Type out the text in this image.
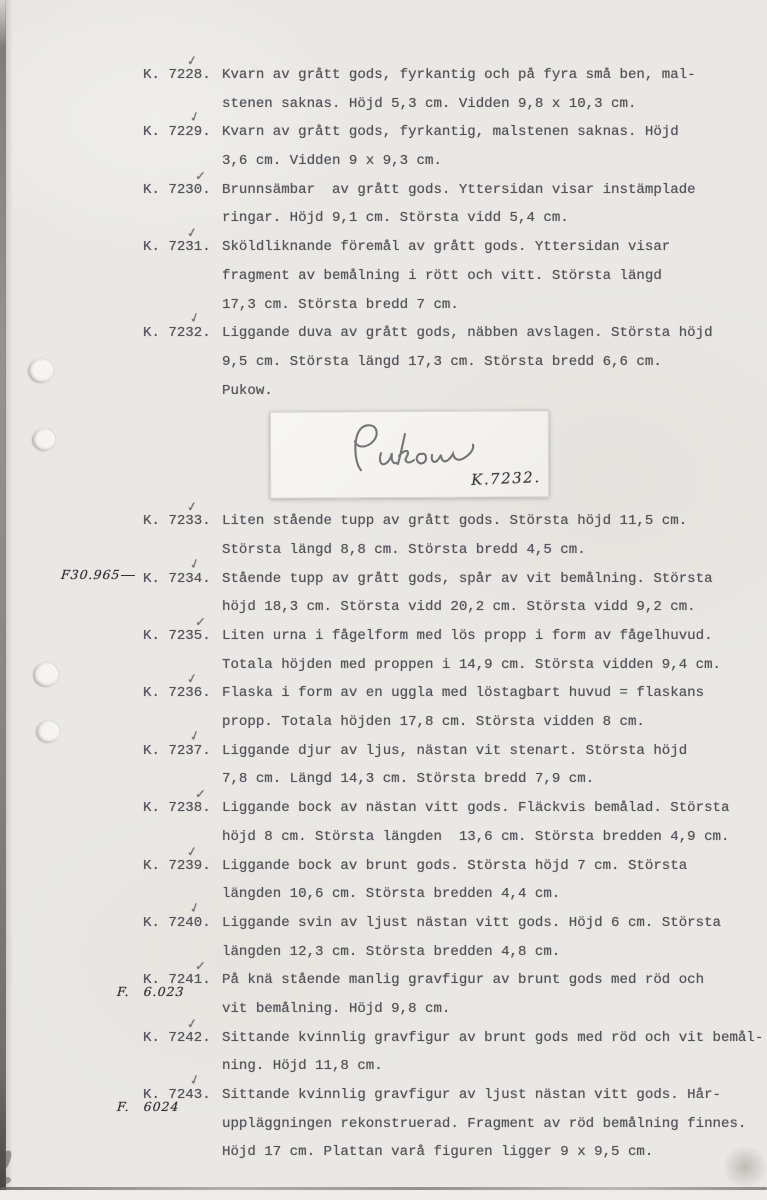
✓
K. 7228. Kvarn av grått gods, fyrkantig och på fyra små ben, mal-
stenen saknas. Höjd 5,3 cm. Vidden 9,8 x 10,3 cm.
✓
K. 7229. Kvarn av grått gods, fyrkantig, malstenen saknas. Höjd
3,6 cm. Vidden 9 x 9,3 cm.
✓
K. 7230. Brunnsämbar  av grått gods. Yttersidan visar instämplade
ringar. Höjd 9,1 cm. Största vidd 5,4 cm.
✓
K. 7231. Sköldliknande föremål av grått gods. Yttersidan visar
fragment av bemålning i rött och vitt. Största längd
17,3 cm. Största bredd 7 cm.
✓
K. 7232. Liggande duva av grått gods, näbben avslagen. Största höjd
9,5 cm. Största längd 17,3 cm. Största bredd 6,6 cm.
Pukow.
K.7232.
✓
K. 7233. Liten stående tupp av grått gods. Största höjd 11,5 cm.
Största längd 8,8 cm. Största bredd 4,5 cm.
✓
F30.965	K. 7234. Stående tupp av grått gods, spår av vit bemålning. Största
höjd 18,3 cm. Största vidd 20,2 cm. Största vidd 9,2 cm.
✓
K. 7235. Liten urna i fågelform med lös propp i form av fågelhuvud.
Totala höjden med proppen i 14,9 cm. Största vidden 9,4 cm.
✓
K. 7236. Flaska i form av en uggla med löstagbart huvud = flaskans
propp. Totala höjden 17,8 cm. Största vidden 8 cm.
✓
K. 7237. Liggande djur av ljus, nästan vit stenart. Största höjd
7,8 cm. Längd 14,3 cm. Största bredd 7,9 cm.
✓
K. 7238. Liggande bock av nästan vitt gods. Fläckvis bemålad. Största
höjd 8 cm. Största längden  13,6 cm. Största bredden 4,9 cm.
✓
K. 7239. Liggande bock av brunt gods. Största höjd 7 cm. Största
längden 10,6 cm. Största bredden 4,4 cm.
✓
K. 7240. Liggande svin av ljust nästan vitt gods. Höjd 6 cm. Största
längden 12,3 cm. Största bredden 4,8 cm.
✓
F. 6.023
K. 7241. På knä stående manlig gravfigur av brunt gods med röd och
vit bemålning. Höjd 9,8 cm.
✓
K. 7242. Sittande kvinnlig gravfigur av brunt gods med röd och vit bemål-
ning. Höjd 11,8 cm.
✓
F. 6024
K. 7243. Sittande kvinnlig gravfigur av ljust nästan vitt gods. Hår-
uppläggningen rekonstruerad. Fragment av röd bemålning finnes.
Höjd 17 cm. Plattan varå figuren ligger 9 x 9,5 cm.
